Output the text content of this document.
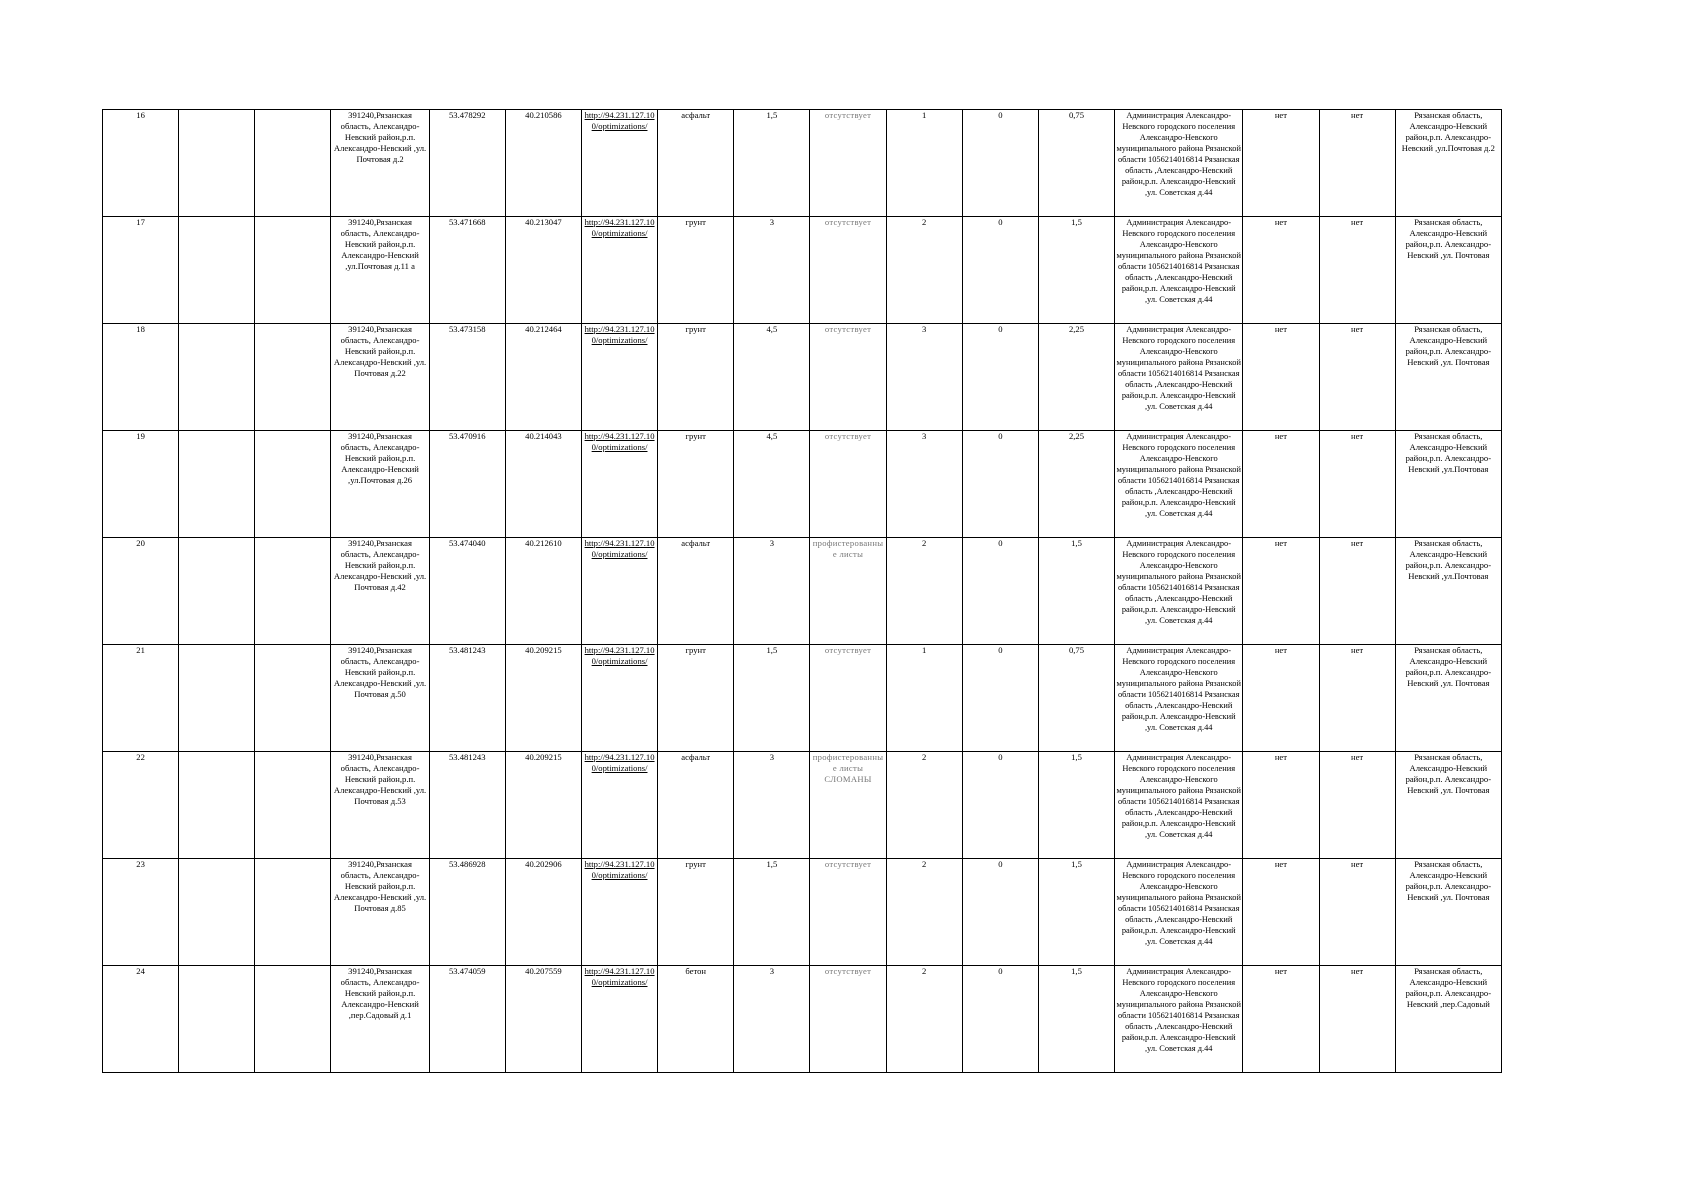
16			391240,Рязанская область, Александро-Невский район,р.п. Александро-Невский ,ул. Почтовая д.2	53.478292	40.210586	http://94.231.127.10 0/optimizations/	асфальт	1,5	отсутствует	1	0	0,75	Администрация Александро-Невского городского поселения Александро-Невского муниципального района Рязанской области 1056214016814 Рязанская область ,Александро-Невский район,р.п. Александро-Невский ,ул. Советская д.44	нет	нет	Рязанская область, Александро-Невский район,р.п. Александро-Невский ,ул.Почтовая д.2
17			391240,Рязанская область, Александро-Невский район,р.п. Александро-Невский ,ул.Почтовая д.11 а	53.471668	40.213047	http://94.231.127.10 0/optimizations/	грунт	3	отсутствует	2	0	1,5	Администрация Александро-Невского городского поселения Александро-Невского муниципального района Рязанской области 1056214016814 Рязанская область ,Александро-Невский район,р.п. Александро-Невский ,ул. Советская д.44	нет	нет	Рязанская область, Александро-Невский район,р.п. Александро-Невский ,ул. Почтовая
18			391240,Рязанская область, Александро-Невский район,р.п. Александро-Невский ,ул. Почтовая д.22	53.473158	40.212464	http://94.231.127.10 0/optimizations/	грунт	4,5	отсутствует	3	0	2,25	Администрация Александро-Невского городского поселения Александро-Невского муниципального района Рязанской области 1056214016814 Рязанская область ,Александро-Невский район,р.п. Александро-Невский ,ул. Советская д.44	нет	нет	Рязанская область, Александро-Невский район,р.п. Александро-Невский ,ул. Почтовая
19			391240,Рязанская область, Александро-Невский район,р.п. Александро-Невский ,ул.Почтовая д.26	53.470916	40.214043	http://94.231.127.10 0/optimizations/	грунт	4,5	отсутствует	3	0	2,25	Администрация Александро-Невского городского поселения Александро-Невского муниципального района Рязанской области 1056214016814 Рязанская область ,Александро-Невский район,р.п. Александро-Невский ,ул. Советская д.44	нет	нет	Рязанская область, Александро-Невский район,р.п. Александро-Невский ,ул.Почтовая
20			391240,Рязанская область, Александро-Невский район,р.п. Александро-Невский ,ул. Почтовая д.42	53.474040	40.212610	http://94.231.127.10 0/optimizations/	асфальт	3	профистерованные листы	2	0	1,5	Администрация Александро-Невского городского поселения Александро-Невского муниципального района Рязанской области 1056214016814 Рязанская область ,Александро-Невский район,р.п. Александро-Невский ,ул. Советская д.44	нет	нет	Рязанская область, Александро-Невский район,р.п. Александро-Невский ,ул.Почтовая
21			391240,Рязанская область, Александро-Невский район,р.п. Александро-Невский ,ул. Почтовая д.50	53.481243	40.209215	http://94.231.127.10 0/optimizations/	грунт	1,5	отсутствует	1	0	0,75	Администрация Александро-Невского городского поселения Александро-Невского муниципального района Рязанской области 1056214016814 Рязанская область ,Александро-Невский район,р.п. Александро-Невский ,ул. Советская д.44	нет	нет	Рязанская область, Александро-Невский район,р.п. Александро-Невский ,ул. Почтовая
22			391240,Рязанская область, Александро-Невский район,р.п. Александро-Невский ,ул. Почтовая д.53	53.481243	40.209215	http://94.231.127.10 0/optimizations/	асфальт	3	профистерованные листы СЛОМАНЫ	2	0	1,5	Администрация Александро-Невского городского поселения Александро-Невского муниципального района Рязанской области 1056214016814 Рязанская область ,Александро-Невский район,р.п. Александро-Невский ,ул. Советская д.44	нет	нет	Рязанская область, Александро-Невский район,р.п. Александро-Невский ,ул. Почтовая
23			391240,Рязанская область, Александро-Невский район,р.п. Александро-Невский ,ул. Почтовая д.85	53.486928	40.202906	http://94.231.127.10 0/optimizations/	грунт	1,5	отсутствует	2	0	1,5	Администрация Александро-Невского городского поселения Александро-Невского муниципального района Рязанской области 1056214016814 Рязанская область ,Александро-Невский район,р.п. Александро-Невский ,ул. Советская д.44	нет	нет	Рязанская область, Александро-Невский район,р.п. Александро-Невский ,ул. Почтовая
24			391240,Рязанская область, Александро-Невский район,р.п. Александро-Невский ,пер.Садовый д.1	53.474059	40.207559	http://94.231.127.10 0/optimizations/	бетон	3	отсутствует	2	0	1,5	Администрация Александро-Невского городского поселения Александро-Невского муниципального района Рязанской области 1056214016814 Рязанская область ,Александро-Невский район,р.п. Александро-Невский ,ул. Советская д.44	нет	нет	Рязанская область, Александро-Невский район,р.п. Александро-Невский ,пер.Садовый
